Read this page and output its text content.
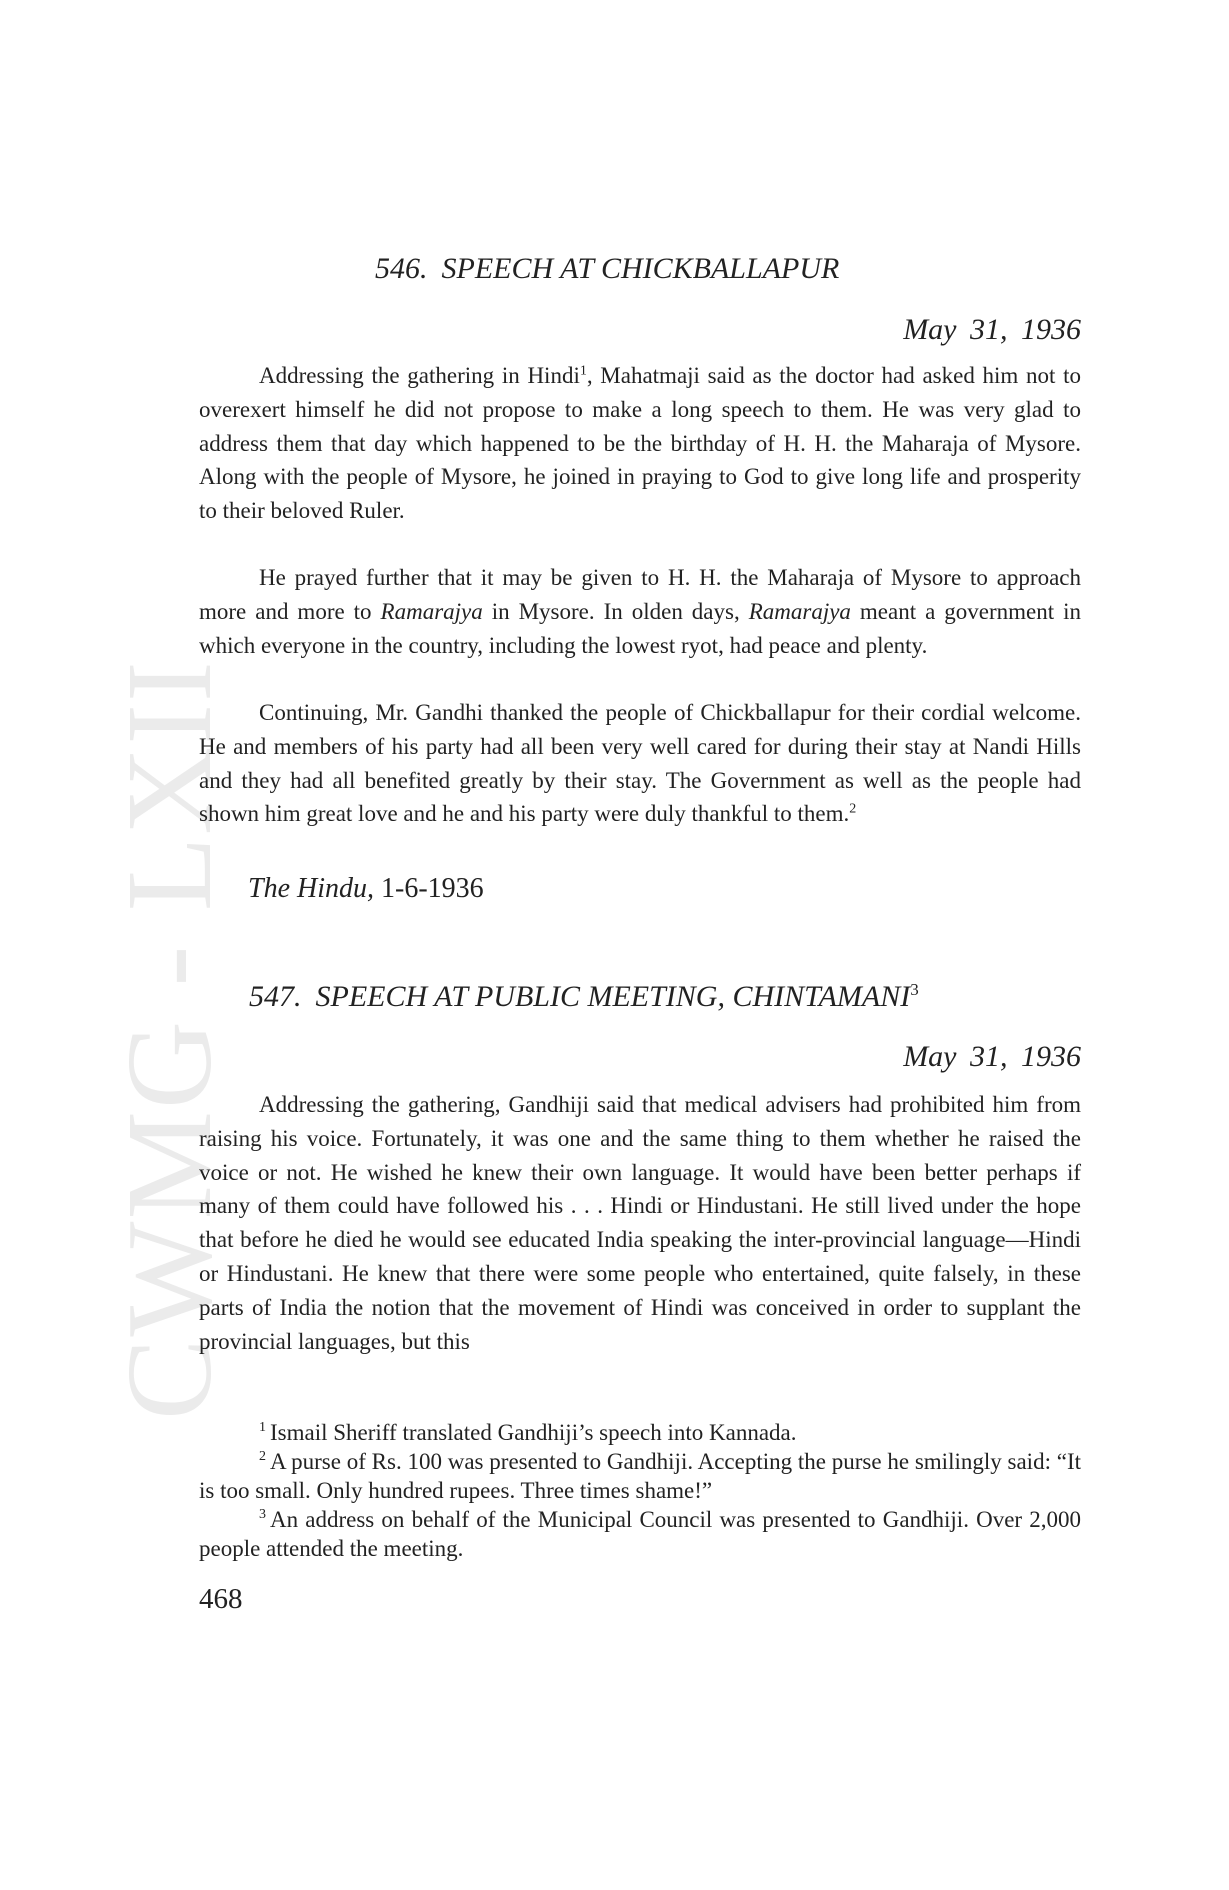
CWMG - LXII
546. SPEECH AT CHICKBALLAPUR
May 31, 1936

Addressing the gathering in Hindi$^1$, Mahatmaji said as the doctor had asked him not to overexert himself he did not propose to make a long speech to them. He was very glad to address them that day which happened to be the birthday of H. H. the Maharaja of Mysore. Along with the people of Mysore, he joined in praying to God to give long life and prosperity to their beloved Ruler.

He prayed further that it may be given to H. H. the Maharaja of Mysore to approach more and more to Ramarajya in Mysore. In olden days, Ramarajya meant a government in which everyone in the country, including the lowest ryot, had peace and plenty.

Continuing, Mr. Gandhi thanked the people of Chickballapur for their cordial welcome. He and members of his party had all been very well cared for during their stay at Nandi Hills and they had all benefited greatly by their stay. The Government as well as the people had shown him great love and he and his party were duly thankful to them.$^2$

The Hindu, 1-6-1936
547. SPEECH AT PUBLIC MEETING, CHINTAMANI$^3$
May 31, 1936

Addressing the gathering, Gandhiji said that medical advisers had prohibited him from raising his voice. Fortunately, it was one and the same thing to them whether he raised the voice or not. He wished he knew their own language. It would have been better perhaps if many of them could have followed his . . . Hindi or Hindustani. He still lived under the hope that before he died he would see educated India speaking the inter-provincial language—Hindi or Hindustani. He knew that there were some people who entertained, quite falsely, in these parts of India the notion that the movement of Hindi was conceived in order to supplant the provincial languages, but this

$^1$ Ismail Sheriff translated Gandhiji’s speech into Kannada.

$^2$ A purse of Rs. 100 was presented to Gandhiji. Accepting the purse he smilingly said: “It is too small. Only hundred rupees. Three times shame!”

$^3$ An address on behalf of the Municipal Council was presented to Gandhiji. Over 2,000 people attended the meeting.

468
